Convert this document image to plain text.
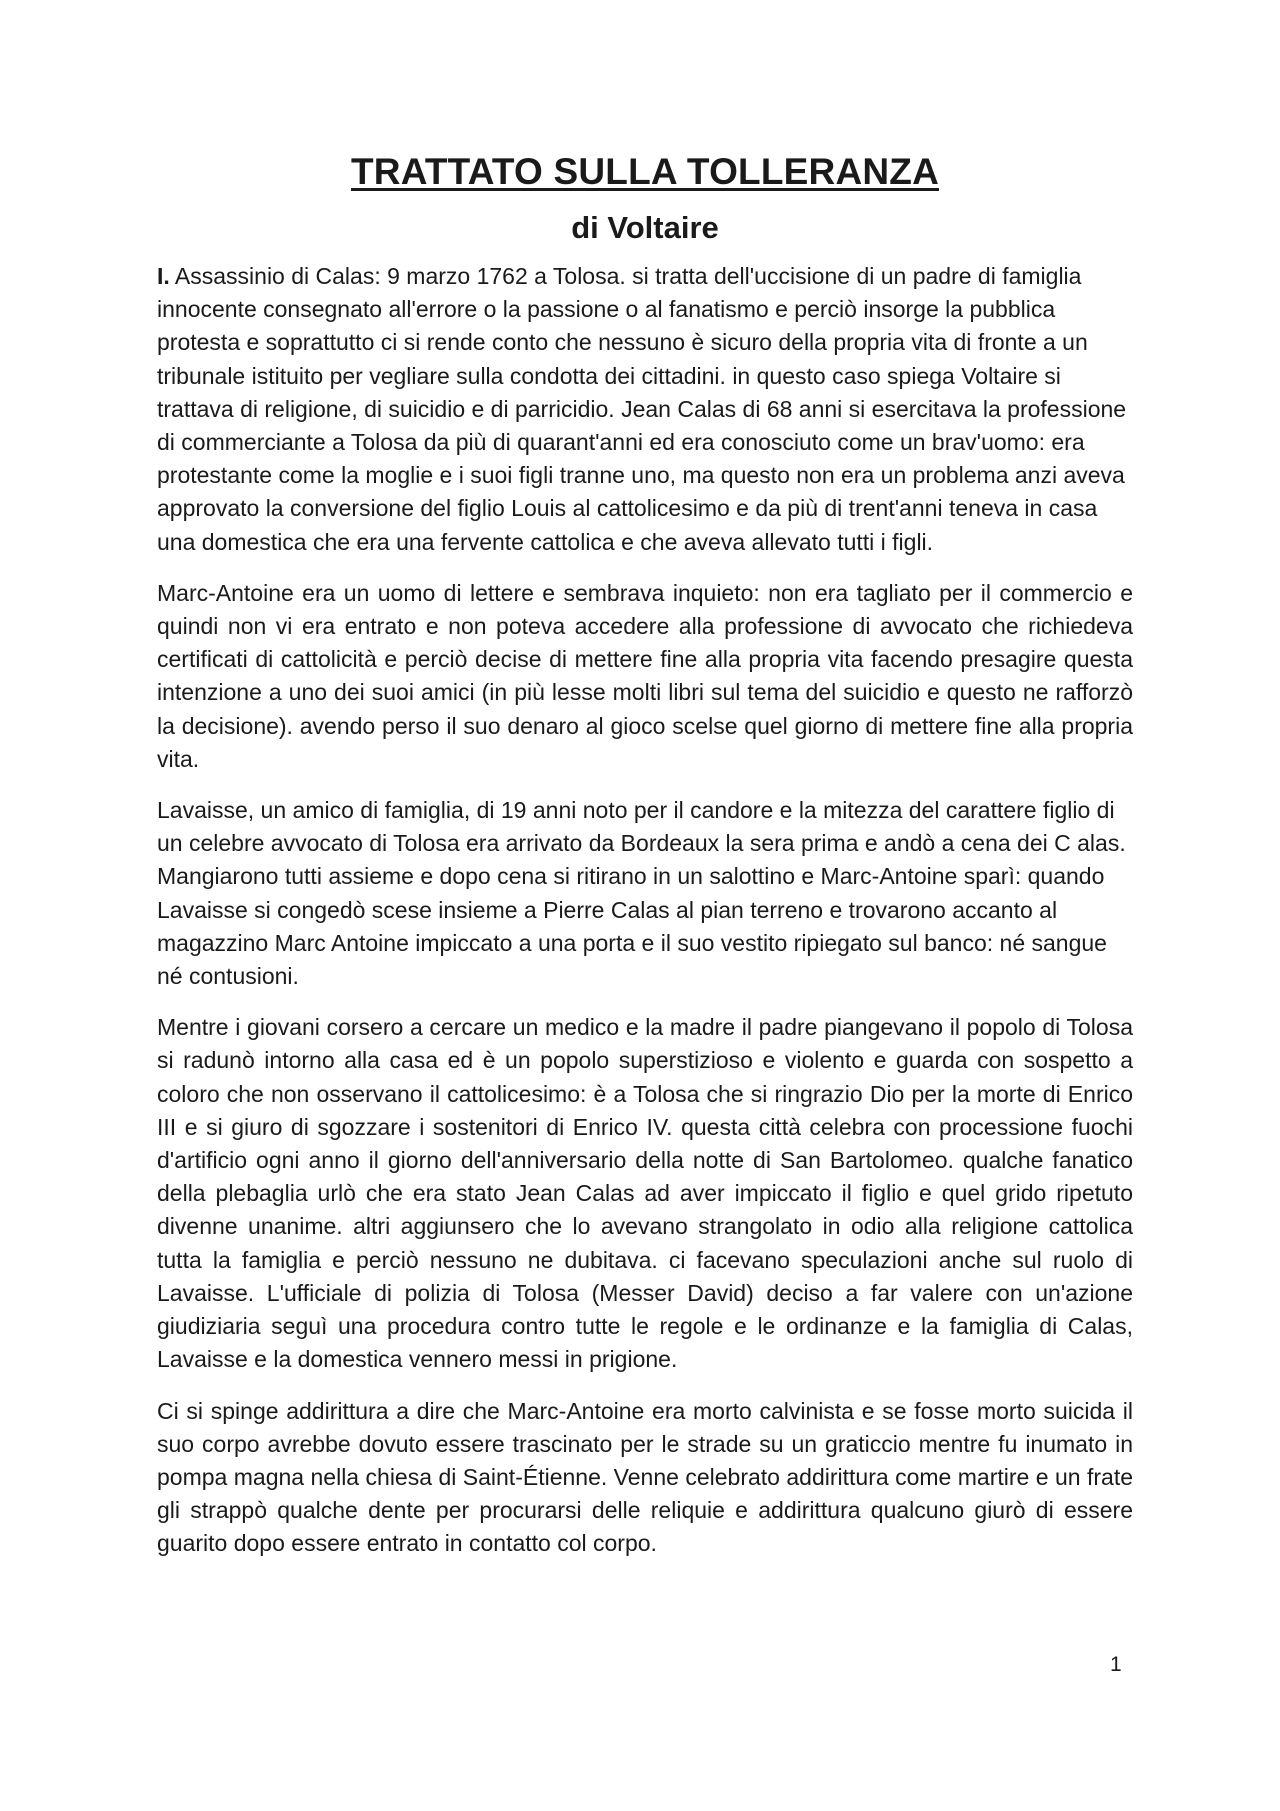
TRATTATO SULLA TOLLERANZA
di Voltaire

I. Assassinio di Calas: 9 marzo 1762 a Tolosa. si tratta dell'uccisione di un padre di famiglia innocente consegnato all'errore o la passione o al fanatismo e perciò insorge la pubblica protesta e soprattutto ci si rende conto che nessuno è sicuro della propria vita di fronte a un tribunale istituito per vegliare sulla condotta dei cittadini. in questo caso spiega Voltaire si trattava di religione, di suicidio e di parricidio. Jean Calas di 68 anni si esercitava la professione di commerciante a Tolosa da più di quarant'anni ed era conosciuto come un brav'uomo: era protestante come la moglie e i suoi figli tranne uno, ma questo non era un problema anzi aveva approvato la conversione del figlio Louis al cattolicesimo e da più di trent'anni teneva in casa una domestica che era una fervente cattolica e che aveva allevato tutti i figli.

Marc-Antoine era un uomo di lettere e sembrava inquieto: non era tagliato per il commercio e quindi non vi era entrato e non poteva accedere alla professione di avvocato che richiedeva certificati di cattolicità e perciò decise di mettere fine alla propria vita facendo presagire questa intenzione a uno dei suoi amici (in più lesse molti libri sul tema del suicidio e questo ne rafforzò la decisione). avendo perso il suo denaro al gioco scelse quel giorno di mettere fine alla propria vita.

Lavaisse, un amico di famiglia, di 19 anni noto per il candore e la mitezza del carattere figlio di un celebre avvocato di Tolosa era arrivato da Bordeaux la sera prima e andò a cena dei C alas. Mangiarono tutti assieme e dopo cena si ritirano in un salottino e Marc-Antoine sparì: quando Lavaisse si congedò scese insieme a Pierre Calas al pian terreno e trovarono accanto al magazzino Marc Antoine impiccato a una porta e il suo vestito ripiegato sul banco: né sangue né contusioni.

Mentre i giovani corsero a cercare un medico e la madre il padre piangevano il popolo di Tolosa si radunò intorno alla casa ed è un popolo superstizioso e violento e guarda con sospetto a coloro che non osservano il cattolicesimo: è a Tolosa che si ringrazio Dio per la morte di Enrico III e si giuro di sgozzare i sostenitori di Enrico IV. questa città celebra con processione fuochi d'artificio ogni anno il giorno dell'anniversario della notte di San Bartolomeo. qualche fanatico della plebaglia urlò che era stato Jean Calas ad aver impiccato il figlio e quel grido ripetuto divenne unanime. altri aggiunsero che lo avevano strangolato in odio alla religione cattolica tutta la famiglia e perciò nessuno ne dubitava. ci facevano speculazioni anche sul ruolo di Lavaisse. L'ufficiale di polizia di Tolosa (Messer David) deciso a far valere con un'azione giudiziaria seguì una procedura contro tutte le regole e le ordinanze e la famiglia di Calas, Lavaisse e la domestica vennero messi in prigione.

Ci si spinge addirittura a dire che Marc-Antoine era morto calvinista e se fosse morto suicida il suo corpo avrebbe dovuto essere trascinato per le strade su un graticcio mentre fu inumato in pompa magna nella chiesa di Saint-Étienne. Venne celebrato addirittura come martire e un frate gli strappò qualche dente per procurarsi delle reliquie e addirittura qualcuno giurò di essere guarito dopo essere entrato in contatto col corpo.

1
